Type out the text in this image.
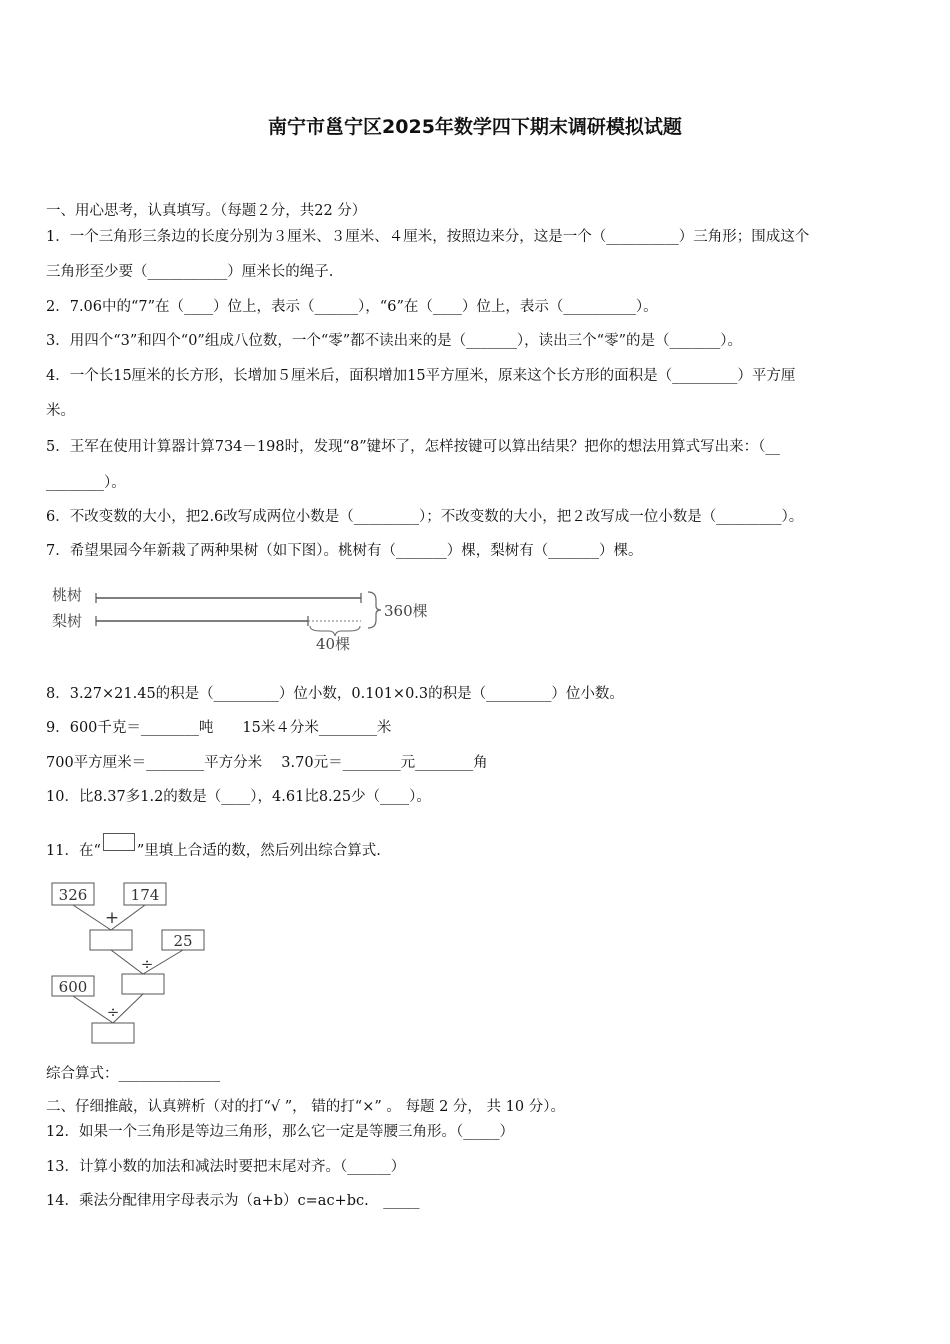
南宁市邕宁区2025年数学四下期末调研模拟试题
一、用心思考，认真填写。（每题２分，共22 分）
1．一个三角形三条边的长度分别为３厘米、３厘米、４厘米，按照边来分，这是一个（__________）三角形；围成这个
三角形至少要（___________）厘米长的绳子.
2．7.06中的“7”在（____）位上，表示（______），“6”在（____）位上，表示（__________）。
3．用四个“3”和四个“0”组成八位数，一个“零”都不读出来的是（_______），读出三个“零”的是（_______）。
4．一个长15厘米的长方形，长增加５厘米后，面积增加15平方厘米，原来这个长方形的面积是（_________）平方厘
米。
5．王军在使用计算器计算734－198时，发现“8”键坏了，怎样按键可以算出结果？把你的想法用算式写出来：（__
________）。
6．不改变数的大小，把2.6改写成两位小数是（_________）；不改变数的大小，把２改写成一位小数是（_________）。
7．希望果园今年新栽了两种果树（如下图）。桃树有（_______）棵，梨树有（_______）棵。
桃树
梨树
360棵
40棵
8．3.27×21.45的积是（_________）位小数，0.101×0.3的积是（_________）位小数。
9．600千克＝________吨　　15米４分米________米
700平方厘米＝________平方分米　 3.70元＝________元________角
10．比8.37多1.2的数是（____），4.61比8.25少（____）。
11．在“ ”里填上合适的数，然后列出综合算式.
326	174
25
600
+
÷
÷
综合算式：______________
二、仔细推敲，认真辨析（对的打“√ ”， 错的打“×” 。 每题 2 分， 共 10 分）。
12．如果一个三角形是等边三角形，那么它一定是等腰三角形。（_____）
13．计算小数的加法和减法时要把末尾对齐。（______）
14．乘法分配律用字母表示为（a+b）c=ac+bc.　_____
